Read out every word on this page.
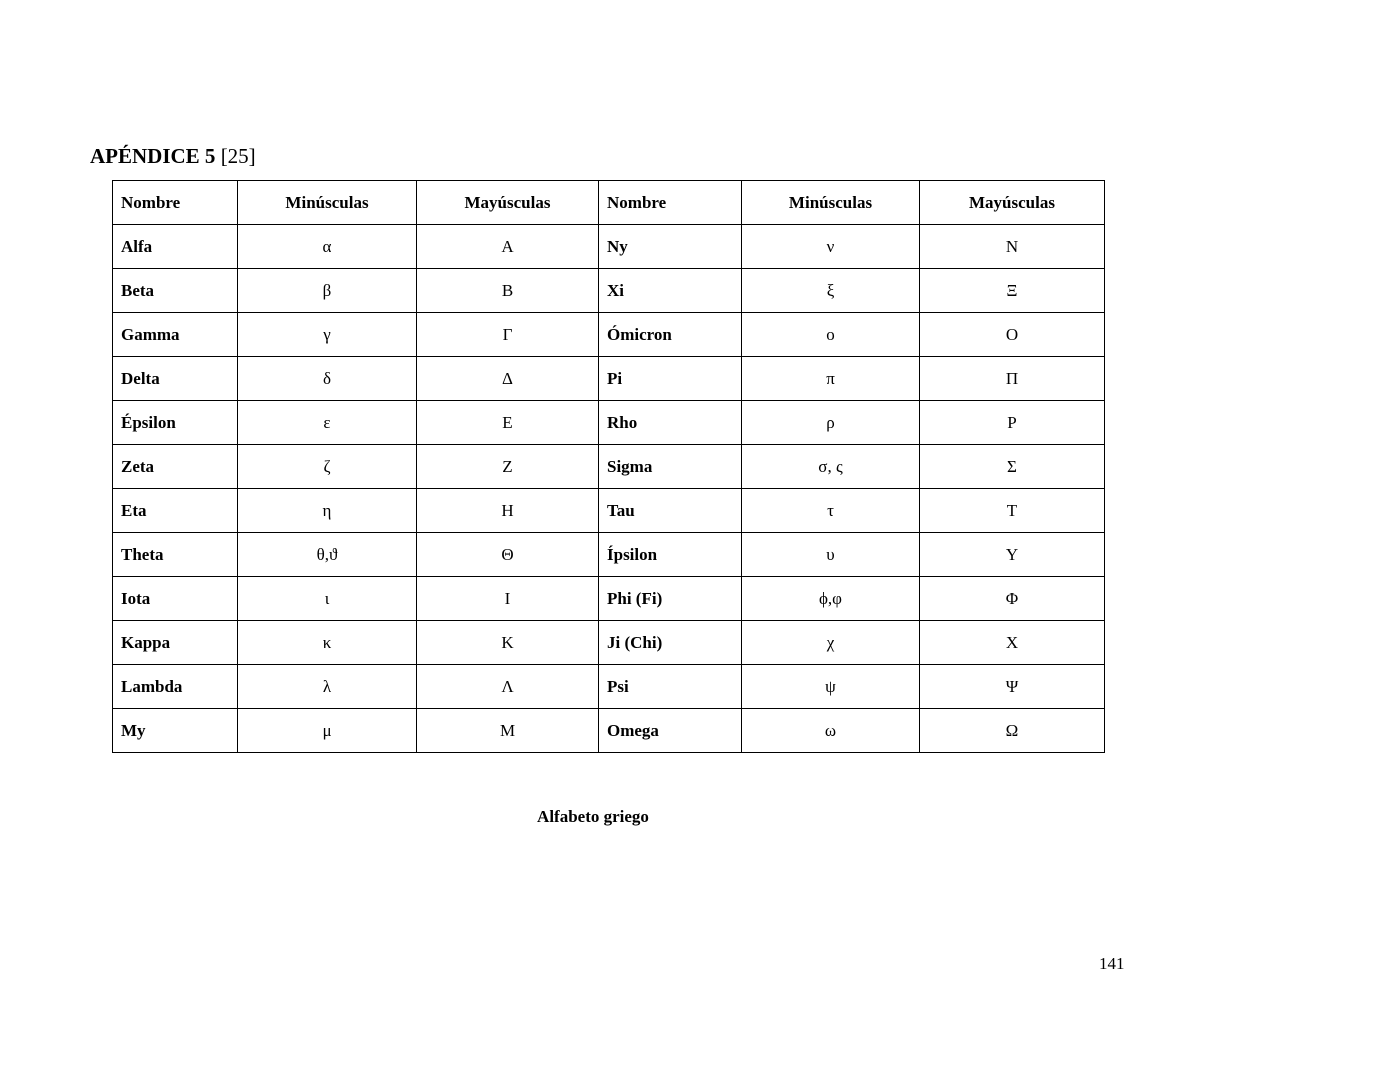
APÉNDICE 5 [25]
Nombre	Minúsculas	Mayúsculas	Nombre	Minúsculas	Mayúsculas
Alfa	α	A	Ny	ν	N
Beta	β	B	Xi	ξ	Ξ
Gamma	γ	Γ	Ómicron	ο	O
Delta	δ	Δ	Pi	π	Π
Épsilon	ε	E	Rho	ρ	P
Zeta	ζ	Z	Sigma	σ, ς	Σ
Eta	η	H	Tau	τ	T
Theta	θ,ϑ	Θ	Ípsilon	υ	Y
Iota	ι	I	Phi (Fi)	ϕ,φ	Φ
Kappa	κ	K	Ji (Chi)	χ	X
Lambda	λ	Λ	Psi	ψ	Ψ
My	μ	M	Omega	ω	Ω
Alfabeto griego
141
